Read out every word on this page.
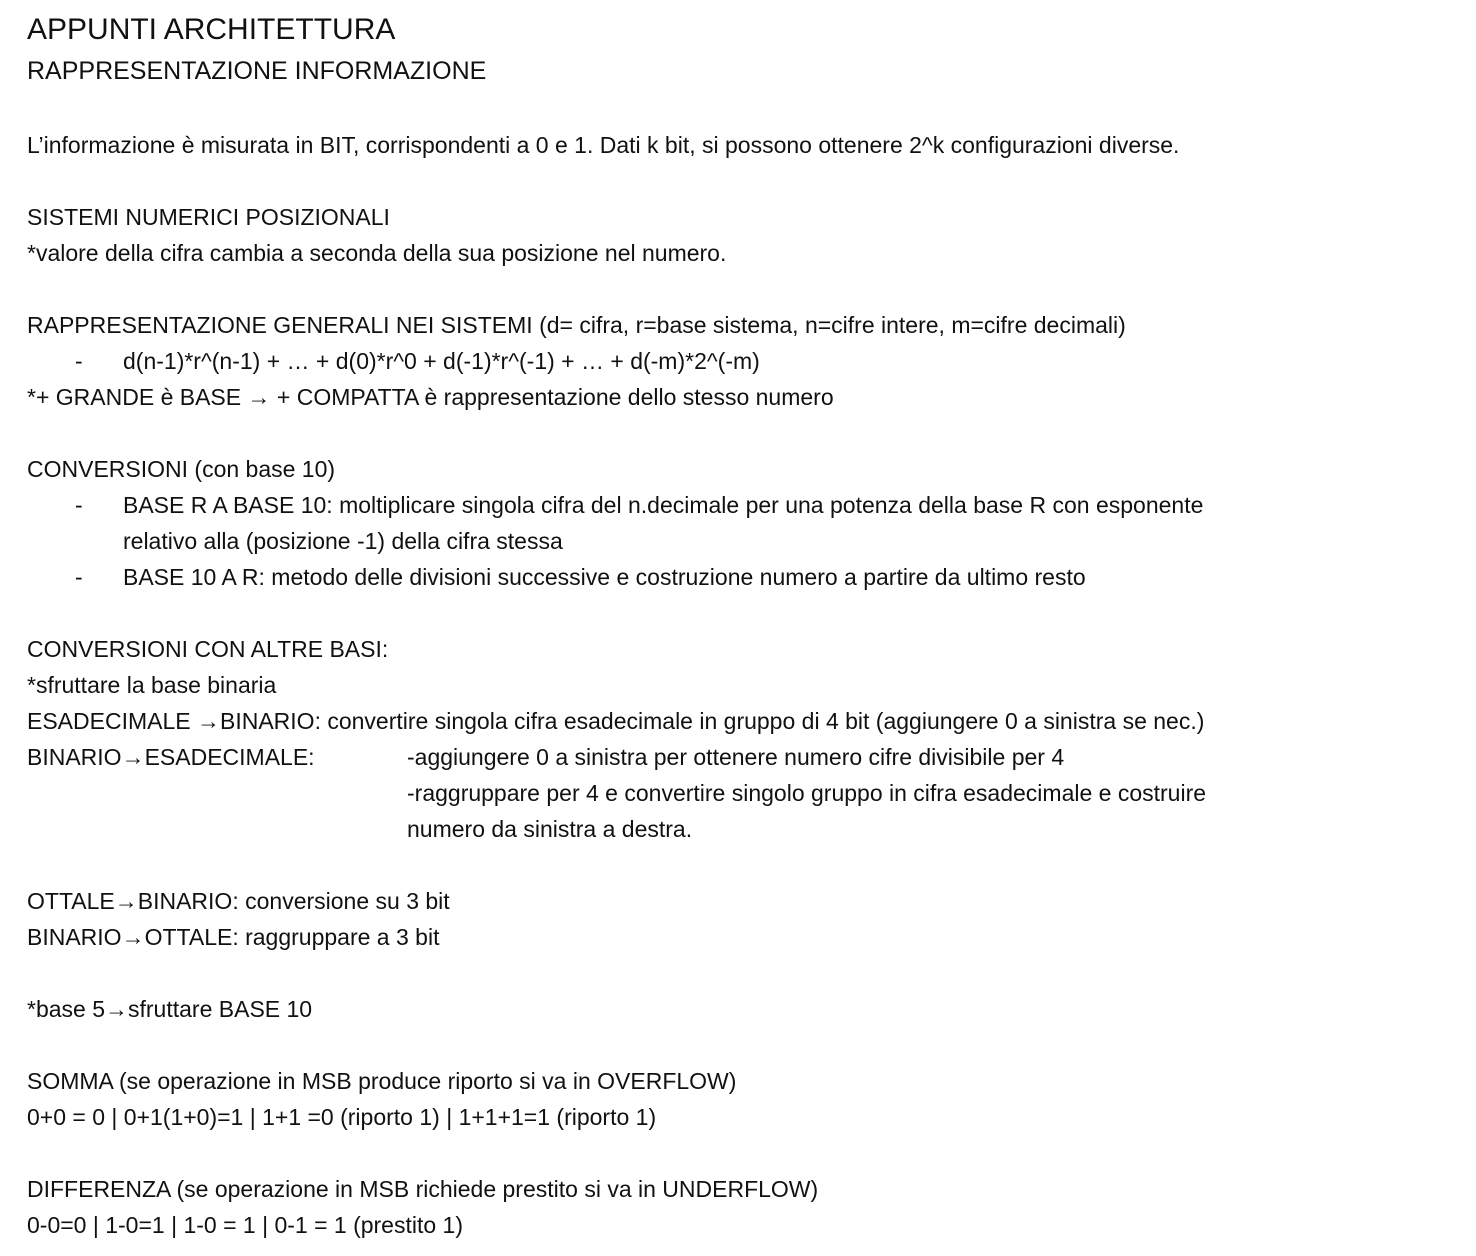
APPUNTI ARCHITETTURA
RAPPRESENTAZIONE INFORMAZIONE
L’informazione è misurata in BIT, corrispondenti a 0 e 1. Dati k bit, si possono ottenere 2^k configurazioni diverse.
SISTEMI NUMERICI POSIZIONALI
*valore della cifra cambia a seconda della sua posizione nel numero.
RAPPRESENTAZIONE GENERALI NEI SISTEMI (d= cifra, r=base sistema, n=cifre intere, m=cifre decimali)
- d(n-1)*r^(n-1) + … + d(0)*r^0 + d(-1)*r^(-1) + … + d(-m)*2^(-m)
*+ GRANDE è BASE → + COMPATTA è rappresentazione dello stesso numero
CONVERSIONI (con base 10)
- BASE R A BASE 10: moltiplicare singola cifra del n.decimale per una potenza della base R con esponente
relativo alla (posizione -1) della cifra stessa
- BASE 10 A R: metodo delle divisioni successive e costruzione numero a partire da ultimo resto
CONVERSIONI CON ALTRE BASI:
*sfruttare la base binaria
ESADECIMALE →BINARIO: convertire singola cifra esadecimale in gruppo di 4 bit (aggiungere 0 a sinistra se nec.)
BINARIO→ESADECIMALE:	-aggiungere 0 a sinistra per ottenere numero cifre divisibile per 4
-raggruppare per 4 e convertire singolo gruppo in cifra esadecimale e costruire
numero da sinistra a destra.
OTTALE→BINARIO: conversione su 3 bit
BINARIO→OTTALE: raggruppare a 3 bit
*base 5→sfruttare BASE 10
SOMMA (se operazione in MSB produce riporto si va in OVERFLOW)
0+0 = 0 | 0+1(1+0)=1 | 1+1 =0 (riporto 1) | 1+1+1=1 (riporto 1)
DIFFERENZA (se operazione in MSB richiede prestito si va in UNDERFLOW)
0-0=0 | 1-0=1 | 1-0 = 1 | 0-1 = 1 (prestito 1)
